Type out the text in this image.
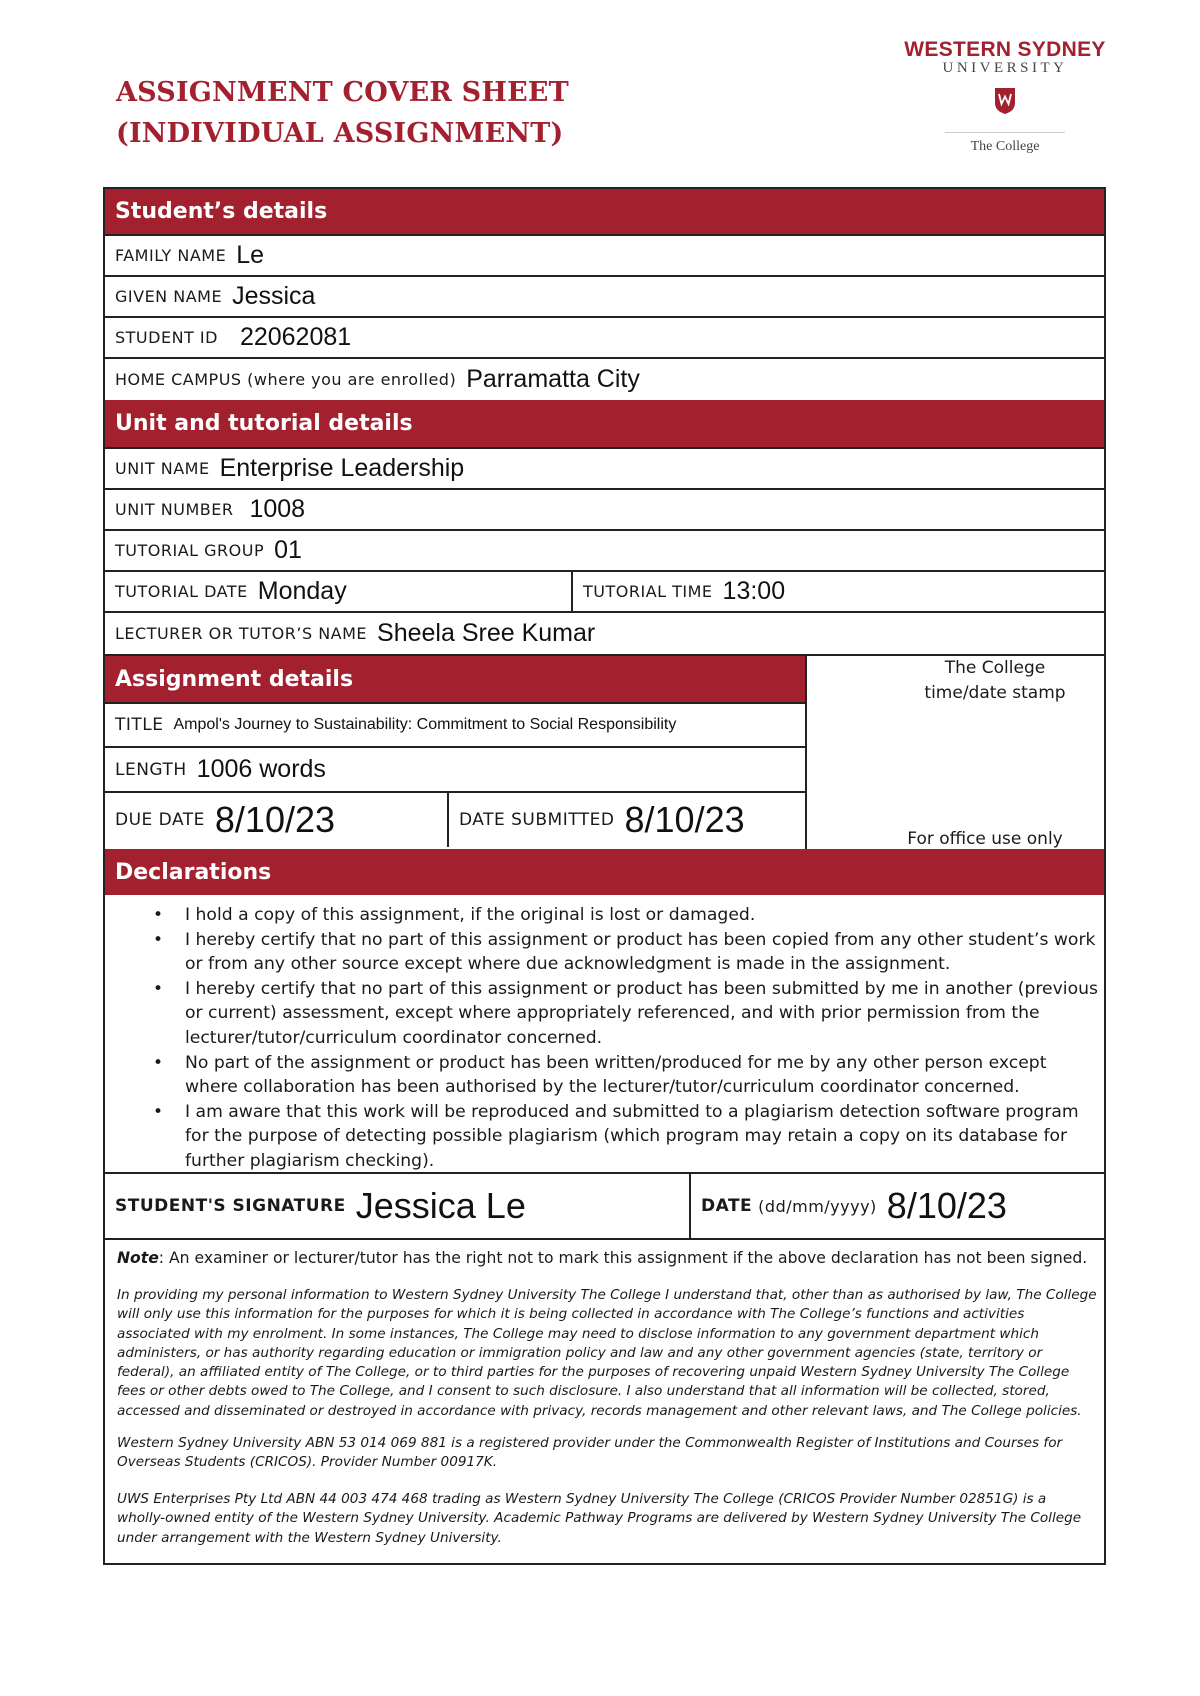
ASSIGNMENT COVER SHEET
(INDIVIDUAL ASSIGNMENT)
WESTERN SYDNEY
UNIVERSITY
The College
Student’s details
FAMILY NAME Le
GIVEN NAME Jessica
STUDENT ID 22062081
HOME CAMPUS (where you are enrolled) Parramatta City
Unit and tutorial details
UNIT NAME Enterprise Leadership
UNIT NUMBER 1008
TUTORIAL GROUP 01
TUTORIAL DATE Monday	TUTORIAL TIME 13:00
LECTURER OR TUTOR’S NAME Sheela Sree Kumar
Assignment details
TITLE Ampol's Journey to Sustainability: Commitment to Social Responsibility
LENGTH 1006 words
DUE DATE 8/10/23	DATE SUBMITTED 8/10/23
The College
time/date stamp
For office use only
Declarations
• I hold a copy of this assignment, if the original is lost or damaged.
• I hereby certify that no part of this assignment or product has been copied from any other student’s work or from any other source except where due acknowledgment is made in the assignment.
• I hereby certify that no part of this assignment or product has been submitted by me in another (previous or current) assessment, except where appropriately referenced, and with prior permission from the lecturer/tutor/curriculum coordinator concerned.
• No part of the assignment or product has been written/produced for me by any other person except where collaboration has been authorised by the lecturer/tutor/curriculum coordinator concerned.
• I am aware that this work will be reproduced and submitted to a plagiarism detection software program for the purpose of detecting possible plagiarism (which program may retain a copy on its database for further plagiarism checking).
STUDENT'S SIGNATURE Jessica Le	DATE (dd/mm/yyyy) 8/10/23
Note: An examiner or lecturer/tutor has the right not to mark this assignment if the above declaration has not been signed.
In providing my personal information to Western Sydney University The College I understand that, other than as authorised by law, The College will only use this information for the purposes for which it is being collected in accordance with The College’s functions and activities associated with my enrolment. In some instances, The College may need to disclose information to any government department which administers, or has authority regarding education or immigration policy and law and any other government agencies (state, territory or federal), an affiliated entity of The College, or to third parties for the purposes of recovering unpaid Western Sydney University The College fees or other debts owed to The College, and I consent to such disclosure. I also understand that all information will be collected, stored, accessed and disseminated or destroyed in accordance with privacy, records management and other relevant laws, and The College policies.
Western Sydney University ABN 53 014 069 881 is a registered provider under the Commonwealth Register of Institutions and Courses for Overseas Students (CRICOS). Provider Number 00917K.
UWS Enterprises Pty Ltd ABN 44 003 474 468 trading as Western Sydney University The College (CRICOS Provider Number 02851G) is a wholly-owned entity of the Western Sydney University. Academic Pathway Programs are delivered by Western Sydney University The College under arrangement with the Western Sydney University.
